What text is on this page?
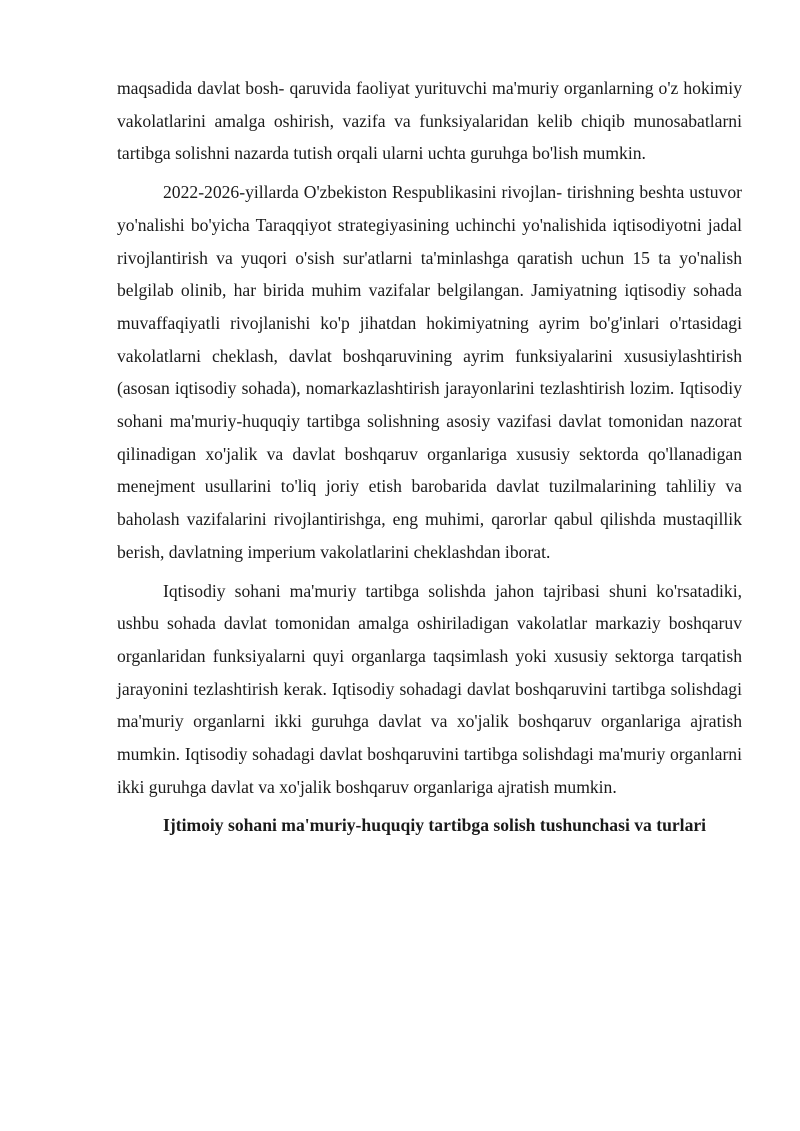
maqsadida davlat bosh- qaruvida faoliyat yurituvchi ma'muriy organlarning o'z hokimiy vakolatlarini amalga oshirish, vazifa va funksiyalaridan kelib chiqib munosabatlarni tartibga solishni nazarda tutish orqali ularni uchta guruhga bo'lish mumkin.

2022-2026-yillarda O'zbekiston Respublikasini rivojlan- tirishning beshta ustuvor yo'nalishi bo'yicha Taraqqiyot strategiyasining uchinchi yo'nalishida iqtisodiyotni jadal rivojlantirish va yuqori o'sish sur'atlarni ta'minlashga qaratish uchun 15 ta yo'nalish belgilab olinib, har birida muhim vazifalar belgilangan. Jamiyatning iqtisodiy sohada muvaffaqiyatli rivojlanishi ko'p jihatdan hokimiyatning ayrim bo'g'inlari o'rtasidagi vakolatlarni cheklash, davlat boshqaruvining ayrim funksiyalarini xususiylashtirish (asosan iqtisodiy sohada), nomarkazlashtirish jarayonlarini tezlashtirish lozim. Iqtisodiy sohani ma'muriy-huquqiy tartibga solishning asosiy vazifasi davlat tomonidan nazorat qilinadigan xo'jalik va davlat boshqaruv organlariga xususiy sektorda qo'llanadigan menejment usullarini to'liq joriy etish barobarida davlat tuzilmalarining tahliliy va baholash vazifalarini rivojlantirishga, eng muhimi, qarorlar qabul qilishda mustaqillik berish, davlatning imperium vakolatlarini cheklashdan iborat.

Iqtisodiy sohani ma'muriy tartibga solishda jahon tajribasi shuni ko'rsatadiki, ushbu sohada davlat tomonidan amalga oshiriladigan vakolatlar markaziy boshqaruv organlaridan funksiyalarni quyi organlarga taqsimlash yoki xususiy sektorga tarqatish jarayonini tezlashtirish kerak. Iqtisodiy sohadagi davlat boshqaruvini tartibga solishdagi ma'muriy organlarni ikki guruhga davlat va xo'jalik boshqaruv organlariga ajratish mumkin. Iqtisodiy sohadagi davlat boshqaruvini tartibga solishdagi ma'muriy organlarni ikki guruhga davlat va xo'jalik boshqaruv organlariga ajratish mumkin.

Ijtimoiy sohani ma'muriy-huquqiy tartibga solish tushunchasi va turlari
